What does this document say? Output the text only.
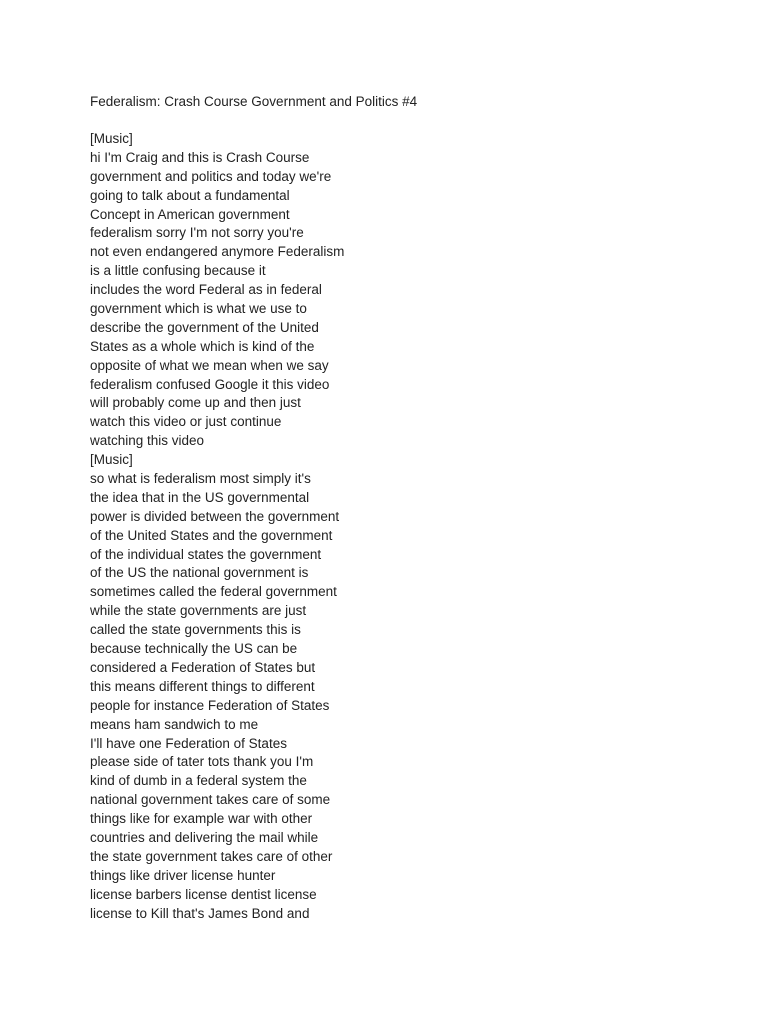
Federalism: Crash Course Government and Politics #4
[Music]
hi I'm Craig and this is Crash Course
government and politics and today we're
going to talk about a fundamental
Concept in American government
federalism sorry I'm not sorry you're
not even endangered anymore Federalism
is a little confusing because it
includes the word Federal as in federal
government which is what we use to
describe the government of the United
States as a whole which is kind of the
opposite of what we mean when we say
federalism confused Google it this video
will probably come up and then just
watch this video or just continue
watching this video
[Music]
so what is federalism most simply it's
the idea that in the US governmental
power is divided between the government
of the United States and the government
of the individual states the government
of the US the national government is
sometimes called the federal government
while the state governments are just
called the state governments this is
because technically the US can be
considered a Federation of States but
this means different things to different
people for instance Federation of States
means ham sandwich to me
I'll have one Federation of States
please side of tater tots thank you I'm
kind of dumb in a federal system the
national government takes care of some
things like for example war with other
countries and delivering the mail while
the state government takes care of other
things like driver license hunter
license barbers license dentist license
license to Kill that's James Bond and
